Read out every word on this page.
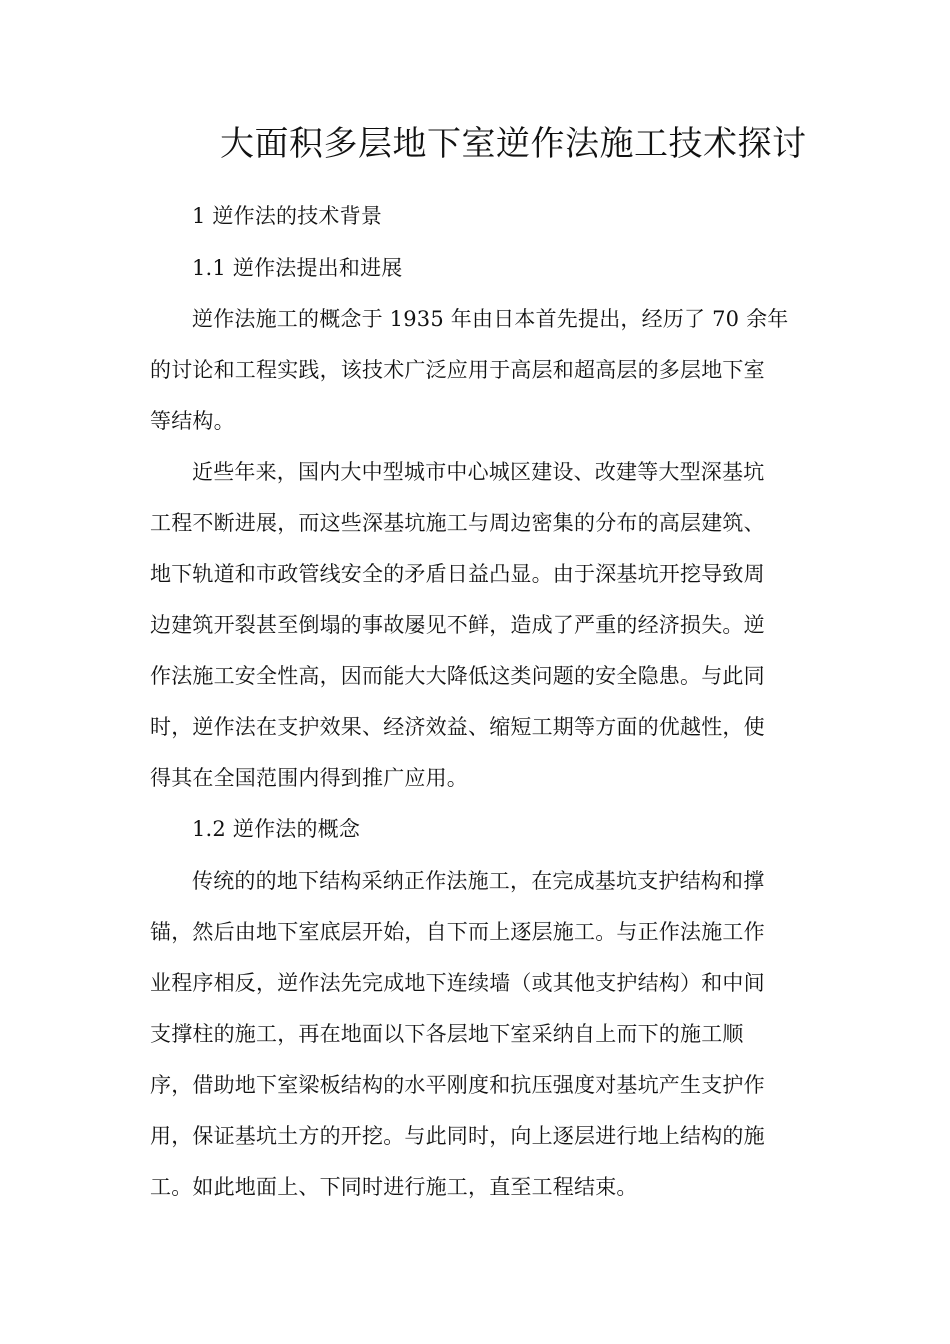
大面积多层地下室逆作法施工技术探讨
1 逆作法的技术背景
1.1 逆作法提出和进展
逆作法施工的概念于 1935 年由日本首先提出，经历了 70 余年
的讨论和工程实践，该技术广泛应用于高层和超高层的多层地下室
等结构。
近些年来，国内大中型城市中心城区建设、改建等大型深基坑
工程不断进展，而这些深基坑施工与周边密集的分布的高层建筑、
地下轨道和市政管线安全的矛盾日益凸显。由于深基坑开挖导致周
边建筑开裂甚至倒塌的事故屡见不鲜，造成了严重的经济损失。逆
作法施工安全性高，因而能大大降低这类问题的安全隐患。与此同
时，逆作法在支护效果、经济效益、缩短工期等方面的优越性，使
得其在全国范围内得到推广应用。
1.2 逆作法的概念
传统的的地下结构采纳正作法施工，在完成基坑支护结构和撑
锚，然后由地下室底层开始，自下而上逐层施工。与正作法施工作
业程序相反，逆作法先完成地下连续墙（或其他支护结构）和中间
支撑柱的施工，再在地面以下各层地下室采纳自上而下的施工顺
序，借助地下室梁板结构的水平刚度和抗压强度对基坑产生支护作
用，保证基坑土方的开挖。与此同时，向上逐层进行地上结构的施
工。如此地面上、下同时进行施工，直至工程结束。
